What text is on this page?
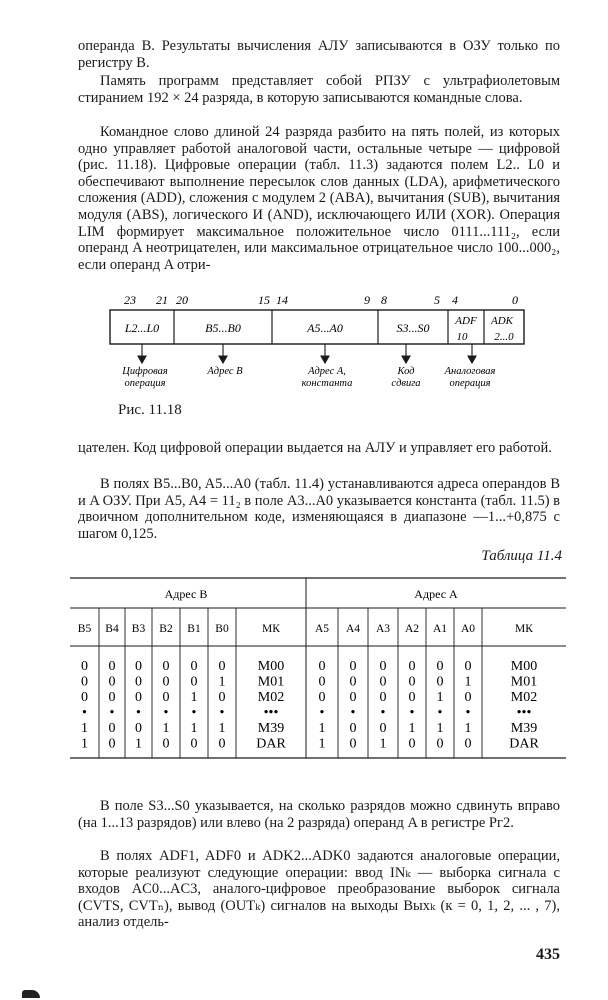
операнда B. Результаты вычисления АЛУ записываются в ОЗУ только по регистру B.

Память программ представляет собой РПЗУ с ультрафиолетовым стиранием 192 × 24 разряда, в которую записываются командные слова.

Командное слово длиной 24 разряда разбито на пять полей, из которых одно управляет работой аналоговой части, остальные четыре — цифровой (рис. 11.18). Цифровые операции (табл. 11.3) задаются полем L2.. L0 и обеспечивают выполнение пересылок слов данных (LDA), арифметического сложения (ADD), сложения с модулем 2 (ABA), вычитания (SUB), вычитания модуля (ABS), логического И (AND), исключающего ИЛИ (XOR). Операция LIM формирует максимальное положительное число 0111...111₂, если операнд A неотрицателен, или максимальное отрицательное число 100...000₂, если операнд A отри-

23 21 20	15 14	9 8	5 4	0
L2...L0	B5...B0	A5...A0	S3...S0 ADF
10
ADK
2...0
Цифровая
операция
Адрес B	Адрес A,
константа
Код
сдвига
Аналоговая
операция
Рис. 11.18

цателен. Код цифровой операции выдается на АЛУ и управляет его работой.

В полях B5...B0, A5...A0 (табл. 11.4) устанавливаются адреса операндов B и A ОЗУ. При A5, A4 = 11₂ в поле A3...A0 указывается константа (табл. 11.5) в двоичном дополнительном коде, изменяющаяся в диапазоне —1...+0,875 с шагом 0,125.

Таблица 11.4
Адрес B	Адрес A
B5 B4 B3 B2 B1 B0	МК	A5 A4 A3 A2 A1 A0	МК
0 0 0 0 0 0 M00 0 0 0 0 0 0	M00
0 0 0 0 0 1 M01 0 0 0 0 0 1	M01
0 0 0 0 1 0 M02 0 0 0 0 1 0	M02
• • • • • •	•••	• • • • • •	•••
1 0 0 1 1 1 M39 1 0 0 1 1 1	M39
1 0 1 0 0 0 DAR 1 0 1 0 0 0	DAR

В поле S3...S0 указывается, на сколько разрядов можно сдвинуть вправо (на 1...13 разрядов) или влево (на 2 разряда) операнд A в регистре Рг2.

В полях ADF1, ADF0 и ADK2...ADK0 задаются аналоговые операции, которые реализуют следующие операции: ввод INₖ — выборка сигнала с входов AC0...AC3, аналого-цифровое преобразование выборок сигнала (CVTS, CVTₙ), вывод (OUTₖ) сигналов на выходы Выхₖ (к = 0, 1, 2, ... , 7), анализ отдель-

435
